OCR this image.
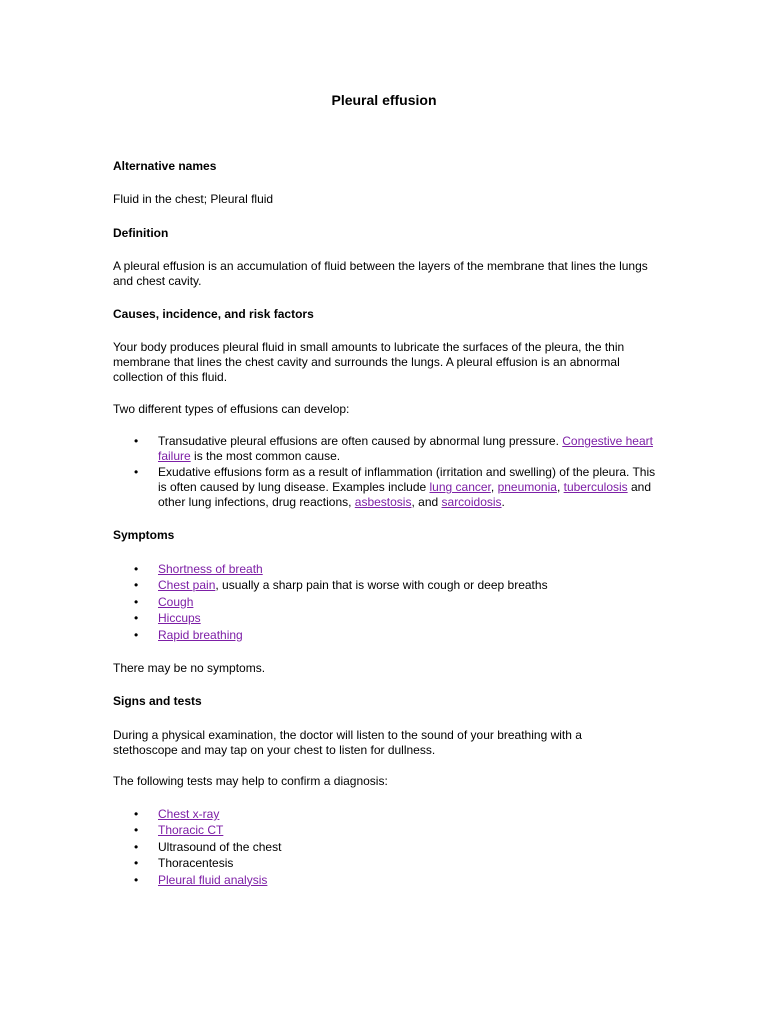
Pleural effusion
Alternative names
Fluid in the chest; Pleural fluid
Definition
A pleural effusion is an accumulation of fluid between the layers of the membrane that lines the lungs and chest cavity.
Causes, incidence, and risk factors
Your body produces pleural fluid in small amounts to lubricate the surfaces of the pleura, the thin membrane that lines the chest cavity and surrounds the lungs. A pleural effusion is an abnormal collection of this fluid.
Two different types of effusions can develop:
• Transudative pleural effusions are often caused by abnormal lung pressure. Congestive heart failure is the most common cause.
• Exudative effusions form as a result of inflammation (irritation and swelling) of the pleura. This is often caused by lung disease. Examples include lung cancer, pneumonia, tuberculosis and other lung infections, drug reactions, asbestosis, and sarcoidosis.
Symptoms
• Shortness of breath
• Chest pain, usually a sharp pain that is worse with cough or deep breaths
• Cough
• Hiccups
• Rapid breathing
There may be no symptoms.
Signs and tests
During a physical examination, the doctor will listen to the sound of your breathing with a stethoscope and may tap on your chest to listen for dullness.
The following tests may help to confirm a diagnosis:
• Chest x-ray
• Thoracic CT
• Ultrasound of the chest
• Thoracentesis
• Pleural fluid analysis
